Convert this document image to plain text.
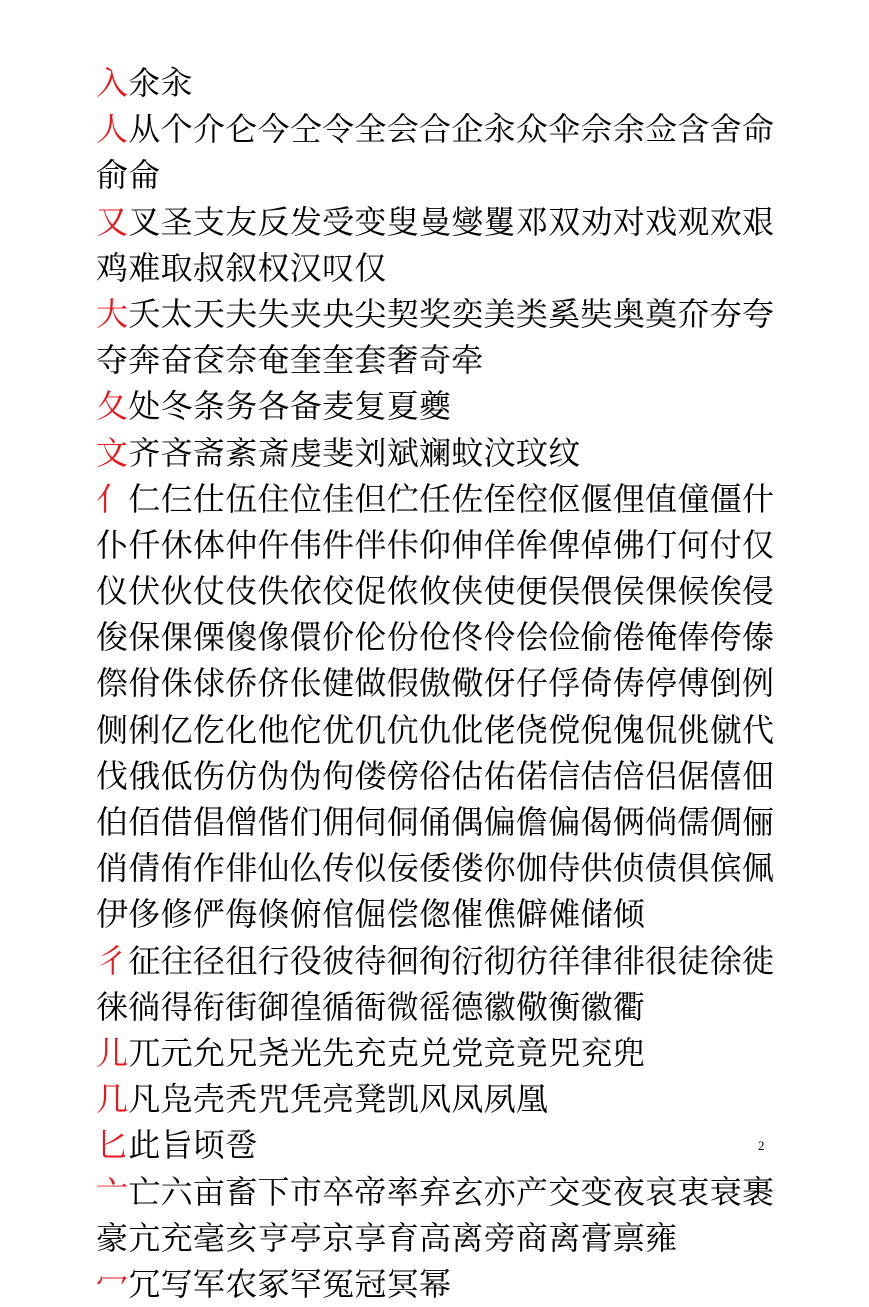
入氽汆
人从个介仑今仝令全会合企汆众伞佘余佥含舍命
俞侖
又叉圣支友反发受变叟曼燮矍邓双劝对戏观欢艰
鸡难取叔叙权汉叹仅
大夭太天夫失夹央尖契奖奕美类奚奘奥奠夼夯夸
夺奔奋奁奈奄奎奎套奢奇牵
夂处冬条务各备麦复夏夔
文齐吝斋紊斎虔斐刘斌斓蚊汶玟纹
亻仁仨仕伍住位佳但伫任佐侄倥伛偃俚值僮僵什
仆仟休体仲仵伟件伴佧仰伸佯侔俾倬佛仃何付仅
仪伏伙仗伎佚依佼促侬攸侠使便俣偎侯倮候俟侵
俊保倮傈傻像儇价伦份伧佟伶侩俭偷倦俺俸侉傣
傺佾侏俅侨侪伥健做假傲儆伢仔俘倚俦停傅倒例
侧俐亿仡化他佗优仉伉仇仳佬侥傥倪傀侃佻僦代
伐俄低伤仿伪伪佝偻傍俗估佑偌信佶倍侣倨僖佃
伯佰借倡僧偕们佣伺侗俑偶偏儋偏偈俩倘儒倜俪
俏倩侑作俳仙仫传似佞倭偻你伽侍供侦债俱傧佩
伊侈修俨侮倏俯倌倔偿偬催僬僻傩储倾
彳征往径徂行役彼待徊徇衍彻彷徉律徘很徒徐徙
徕徜得衔街御徨循衙微徭德徽儆衡徽衢
儿兀元允兄尧光先充克兑党竞竟兕兖兜
几凡凫壳秃咒凭亮凳凯风凤夙凰
匕此旨顷卺
亠亡六亩畜下市卒帝率弃玄亦产交变夜哀衷衰裹
豪亢充毫亥亨亭京享育高离旁商离膏禀雍
冖冗写军农冢罕冤冠冥幂
2
